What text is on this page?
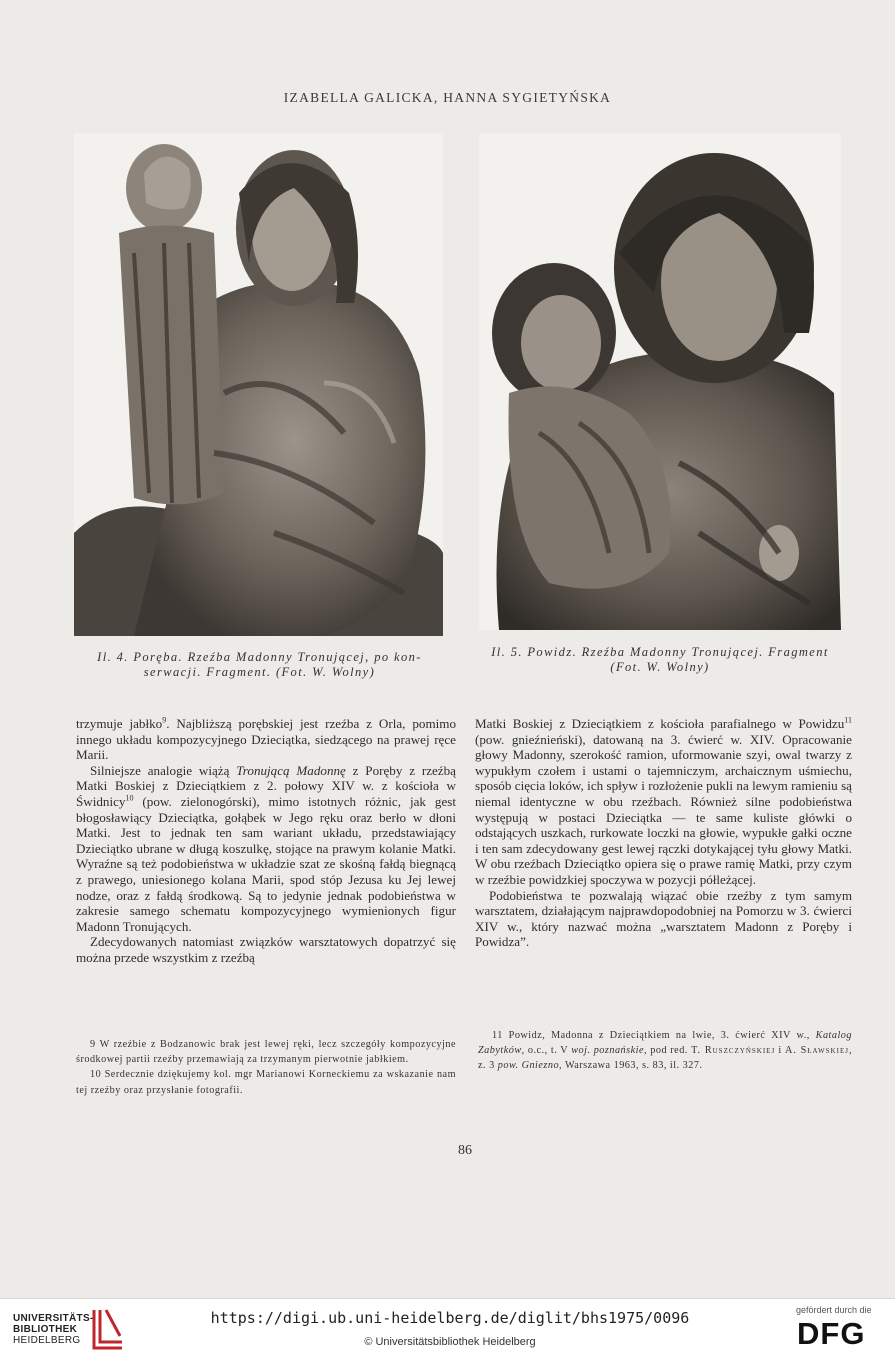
IZABELLA GALICKA, HANNA SYGIETYŃSKA
Il. 4. Poręba. Rzeźba Madonny Tronującej, po kon-
serwacji. Fragment. (Fot. W. Wolny)
Il. 5. Powidz. Rzeźba Madonny Tronującej. Fragment
(Fot. W. Wolny)

trzymuje jabłko$^9$. Najbliższą porębskiej jest rzeźba z Orla, pomimo innego układu kompozycyjnego Dzieciątka, siedzącego na prawej ręce Marii.

Silniejsze analogie wiążą Tronującą Madonnę z Poręby z rzeźbą Matki Boskiej z Dzieciątkiem z 2. połowy XIV w. z kościoła w Świdnicy$^{10}$ (pow. zielonogórski), mimo istotnych różnic, jak gest błogosławiący Dzieciątka, gołąbek w Jego ręku oraz berło w dłoni Matki. Jest to jednak ten sam wariant układu, przedstawiający Dzieciątko ubrane w długą koszulkę, stojące na prawym kolanie Matki. Wyraźne są też podobieństwa w układzie szat ze skośną fałdą biegnącą z prawego, uniesionego kolana Marii, spod stóp Jezusa ku Jej lewej nodze, oraz z fałdą środkową. Są to jedynie jednak podobieństwa w zakresie samego schematu kompozycyjnego wymienionych figur Madonn Tronujących.

Zdecydowanych natomiast związków warsztatowych dopatrzyć się można przede wszystkim z rzeźbą

Matki Boskiej z Dzieciątkiem z kościoła parafialnego w Powidzu$^{11}$ (pow. gnieźnieński), datowaną na 3. ćwierć w. XIV. Opracowanie głowy Madonny, szerokość ramion, uformowanie szyi, owal twarzy z wypukłym czołem i ustami o tajemniczym, archaicznym uśmiechu, sposób cięcia loków, ich spływ i rozłożenie pukli na lewym ramieniu są niemal identyczne w obu rzeźbach. Również silne podobieństwa występują w postaci Dzieciątka — te same kuliste główki o odstających uszkach, rurkowate loczki na głowie, wypukłe gałki oczne i ten sam zdecydowany gest lewej rączki dotykającej tyłu głowy Matki. W obu rzeźbach Dzieciątko opiera się o prawe ramię Matki, przy czym w rzeźbie powidzkiej spoczywa w pozycji półleżącej.

Podobieństwa te pozwalają wiązać obie rzeźby z tym samym warsztatem, działającym najprawdopodobniej na Pomorzu w 3. ćwierci XIV w., który nazwać można „warsztatem Madonn z Poręby i Powidza”.

9 W rzeźbie z Bodzanowic brak jest lewej ręki, lecz szczegóły kompozycyjne środkowej partii rzeźby przemawiają za trzymanym pierwotnie jabłkiem.

10 Serdecznie dziękujemy kol. mgr Marianowi Korneckiemu za wskazanie nam tej rzeźby oraz przysłanie fotografii.

11 Powidz, Madonna z Dzieciątkiem na lwie, 3. ćwierć XIV w., Katalog Zabytków, o.c., t. V woj. poznańskie, pod red. T. Ruszczyńskiej i A. Sławskiej, z. 3 pow. Gniezno, Warszawa 1963, s. 83, il. 327.

86
UNIVERSITÄTS-
BIBLIOTHEK
HEIDELBERG
https://digi.ub.uni-heidelberg.de/diglit/bhs1975/0096
© Universitätsbibliothek Heidelberg
gefördert durch die
DFG
